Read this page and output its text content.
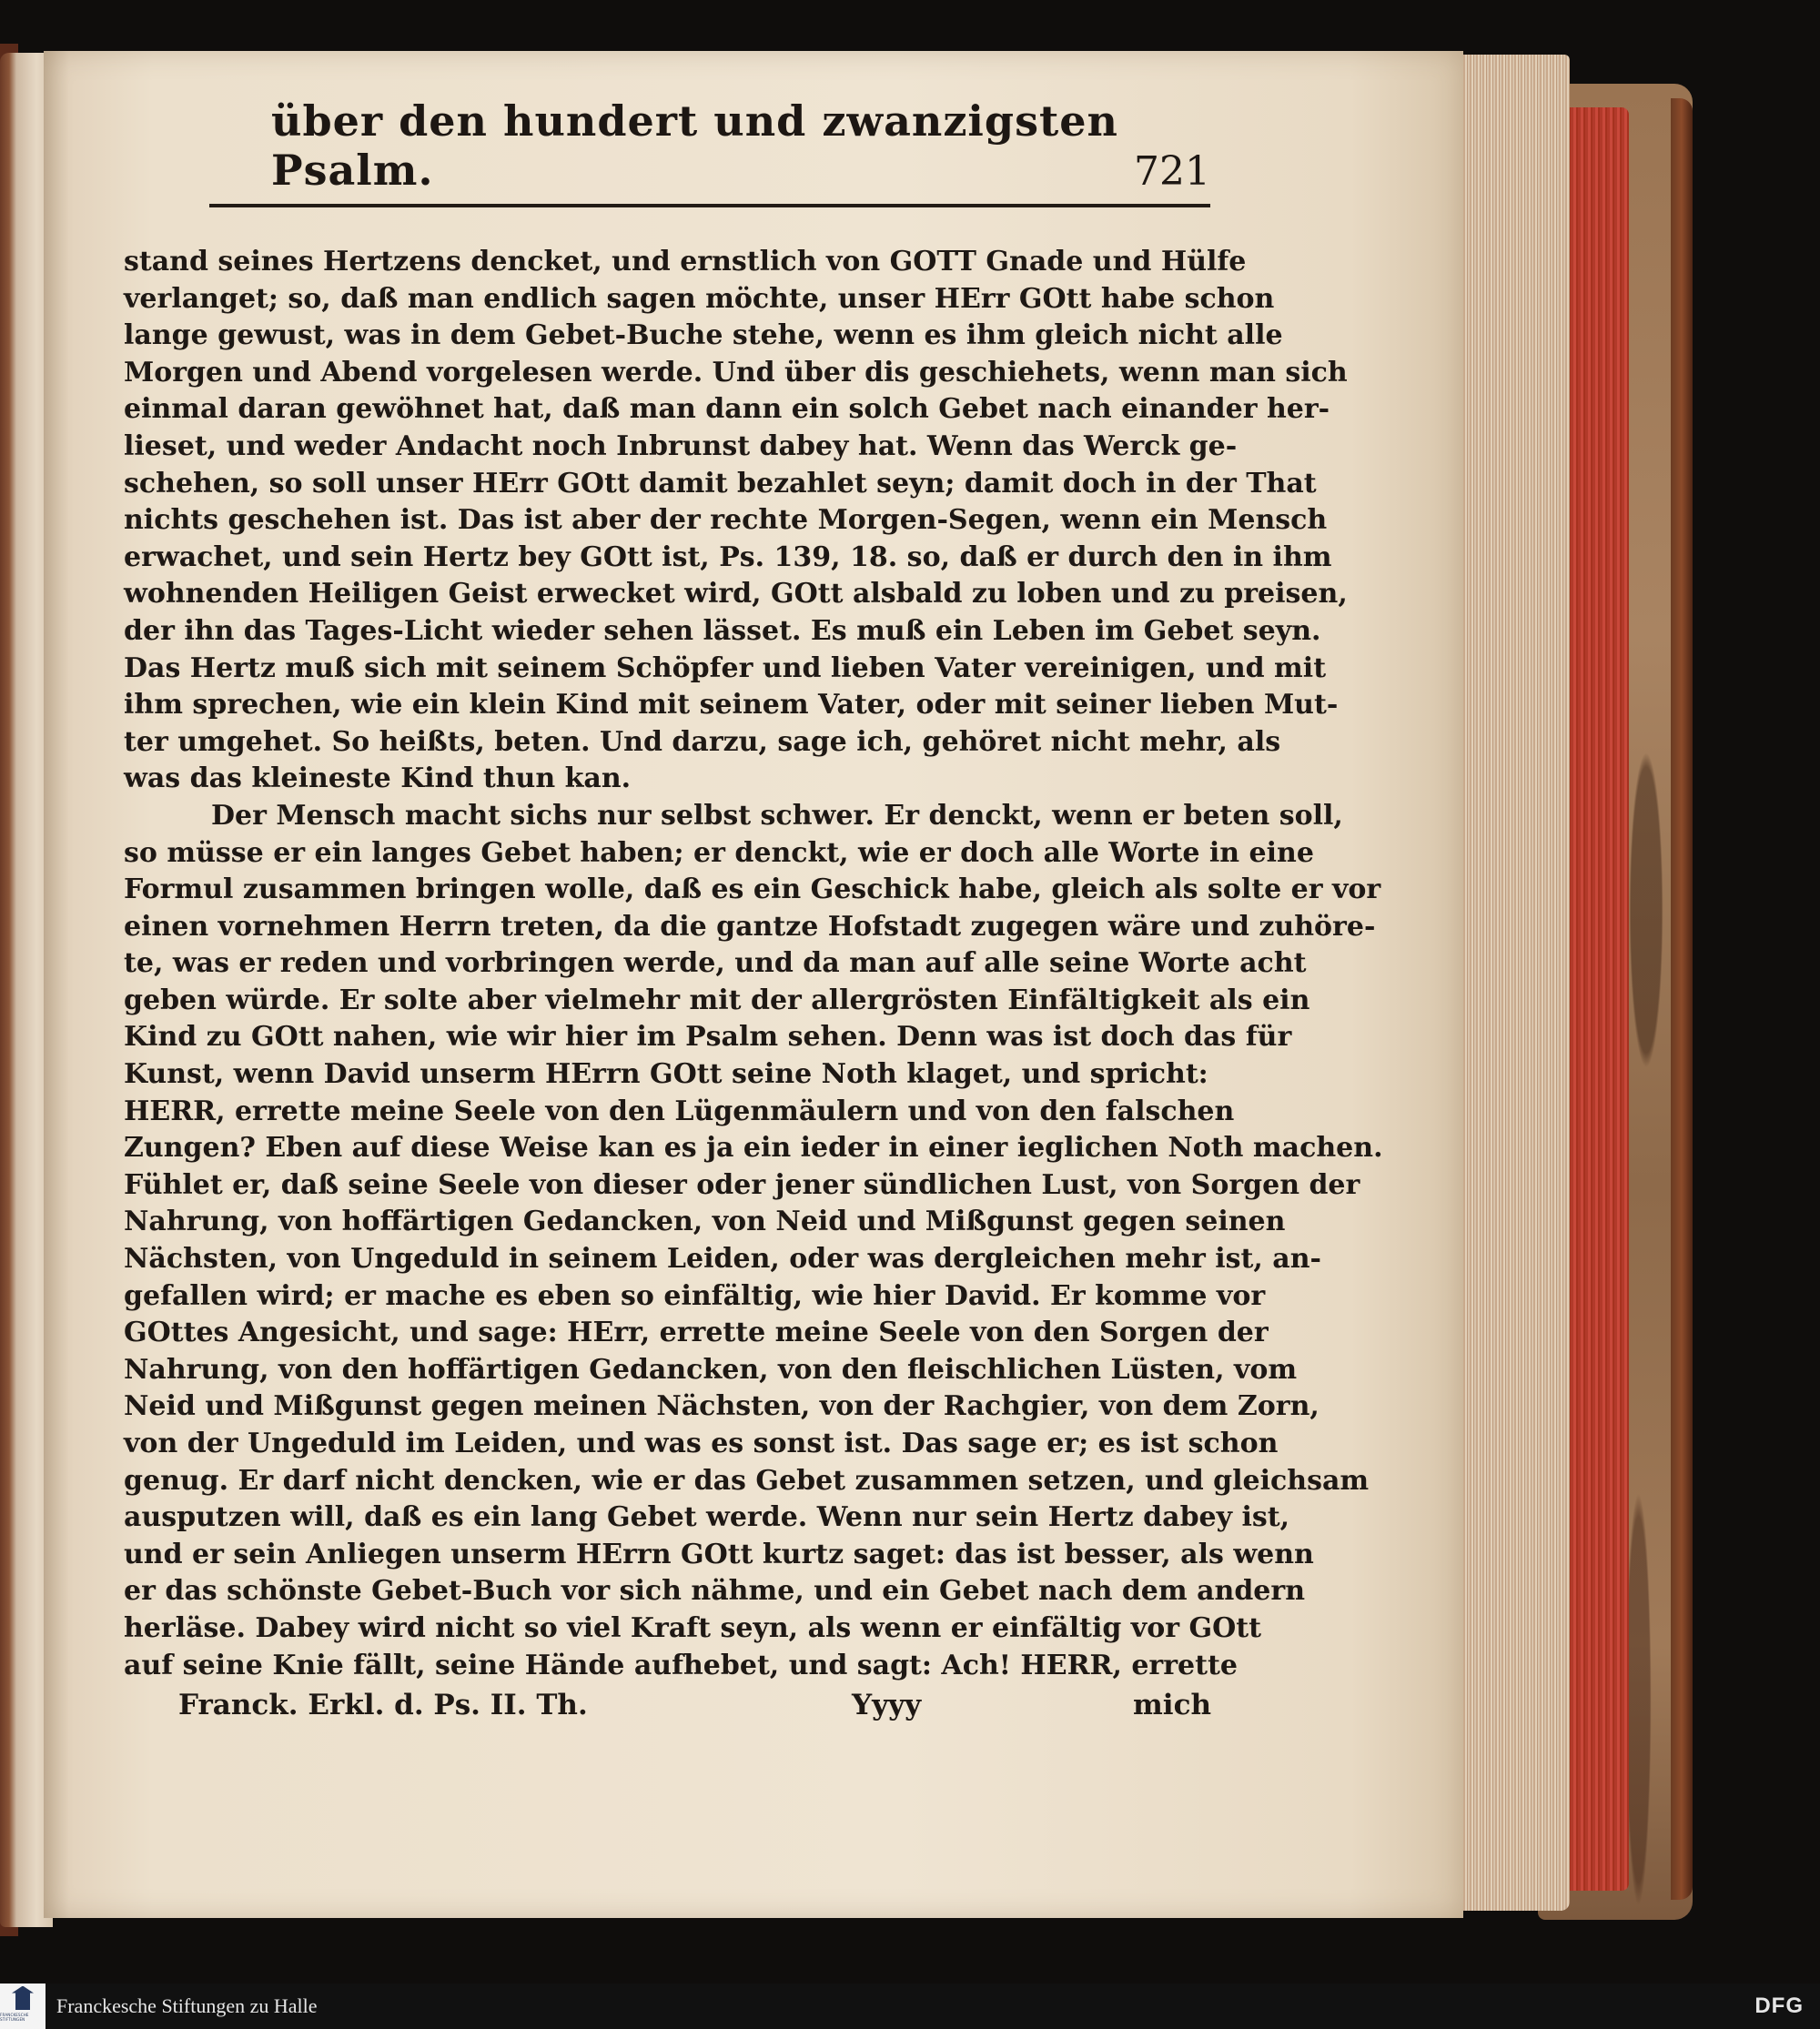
über den hundert und zwanzigsten Psalm.	721
stand seines Hertzens dencket, und ernstlich von GOTT Gnade und Hülfe
verlanget; so, daß man endlich sagen möchte, unser HErr GOtt habe schon
lange gewust, was in dem Gebet-Buche stehe, wenn es ihm gleich nicht alle
Morgen und Abend vorgelesen werde. Und über dis geschiehets, wenn man sich
einmal daran gewöhnet hat, daß man dann ein solch Gebet nach einander her-
lieset, und weder Andacht noch Inbrunst dabey hat. Wenn das Werck ge-
schehen, so soll unser HErr GOtt damit bezahlet seyn; damit doch in der That
nichts geschehen ist. Das ist aber der rechte Morgen-Segen, wenn ein Mensch
erwachet, und sein Hertz bey GOtt ist, Ps. 139, 18. so, daß er durch den in ihm
wohnenden Heiligen Geist erwecket wird, GOtt alsbald zu loben und zu preisen,
der ihn das Tages-Licht wieder sehen lässet. Es muß ein Leben im Gebet seyn.
Das Hertz muß sich mit seinem Schöpfer und lieben Vater vereinigen, und mit
ihm sprechen, wie ein klein Kind mit seinem Vater, oder mit seiner lieben Mut-
ter umgehet. So heißts, beten. Und darzu, sage ich, gehöret nicht mehr, als
was das kleineste Kind thun kan.
Der Mensch macht sichs nur selbst schwer. Er denckt, wenn er beten soll,
so müsse er ein langes Gebet haben; er denckt, wie er doch alle Worte in eine
Formul zusammen bringen wolle, daß es ein Geschick habe, gleich als solte er vor
einen vornehmen Herrn treten, da die gantze Hofstadt zugegen wäre und zuhöre-
te, was er reden und vorbringen werde, und da man auf alle seine Worte acht
geben würde. Er solte aber vielmehr mit der allergrösten Einfältigkeit als ein
Kind zu GOtt nahen, wie wir hier im Psalm sehen. Denn was ist doch das für
Kunst, wenn David unserm HErrn GOtt seine Noth klaget, und spricht:
HERR, errette meine Seele von den Lügenmäulern und von den falschen
Zungen? Eben auf diese Weise kan es ja ein ieder in einer ieglichen Noth machen.
Fühlet er, daß seine Seele von dieser oder jener sündlichen Lust, von Sorgen der
Nahrung, von hoffärtigen Gedancken, von Neid und Mißgunst gegen seinen
Nächsten, von Ungeduld in seinem Leiden, oder was dergleichen mehr ist, an-
gefallen wird; er mache es eben so einfältig, wie hier David. Er komme vor
GOttes Angesicht, und sage: HErr, errette meine Seele von den Sorgen der
Nahrung, von den hoffärtigen Gedancken, von den fleischlichen Lüsten, vom
Neid und Mißgunst gegen meinen Nächsten, von der Rachgier, von dem Zorn,
von der Ungeduld im Leiden, und was es sonst ist. Das sage er; es ist schon
genug. Er darf nicht dencken, wie er das Gebet zusammen setzen, und gleichsam
ausputzen will, daß es ein lang Gebet werde. Wenn nur sein Hertz dabey ist,
und er sein Anliegen unserm HErrn GOtt kurtz saget: das ist besser, als wenn
er das schönste Gebet-Buch vor sich nähme, und ein Gebet nach dem andern
herläse. Dabey wird nicht so viel Kraft seyn, als wenn er einfältig vor GOtt
auf seine Knie fällt, seine Hände aufhebet, und sagt: Ach! HERR, errette
Franck. Erkl. d. Ps. II. Th.	Yyyy	mich
FRANCKESCHE STIFTUNGEN
Franckesche Stiftungen zu Halle	DFG
